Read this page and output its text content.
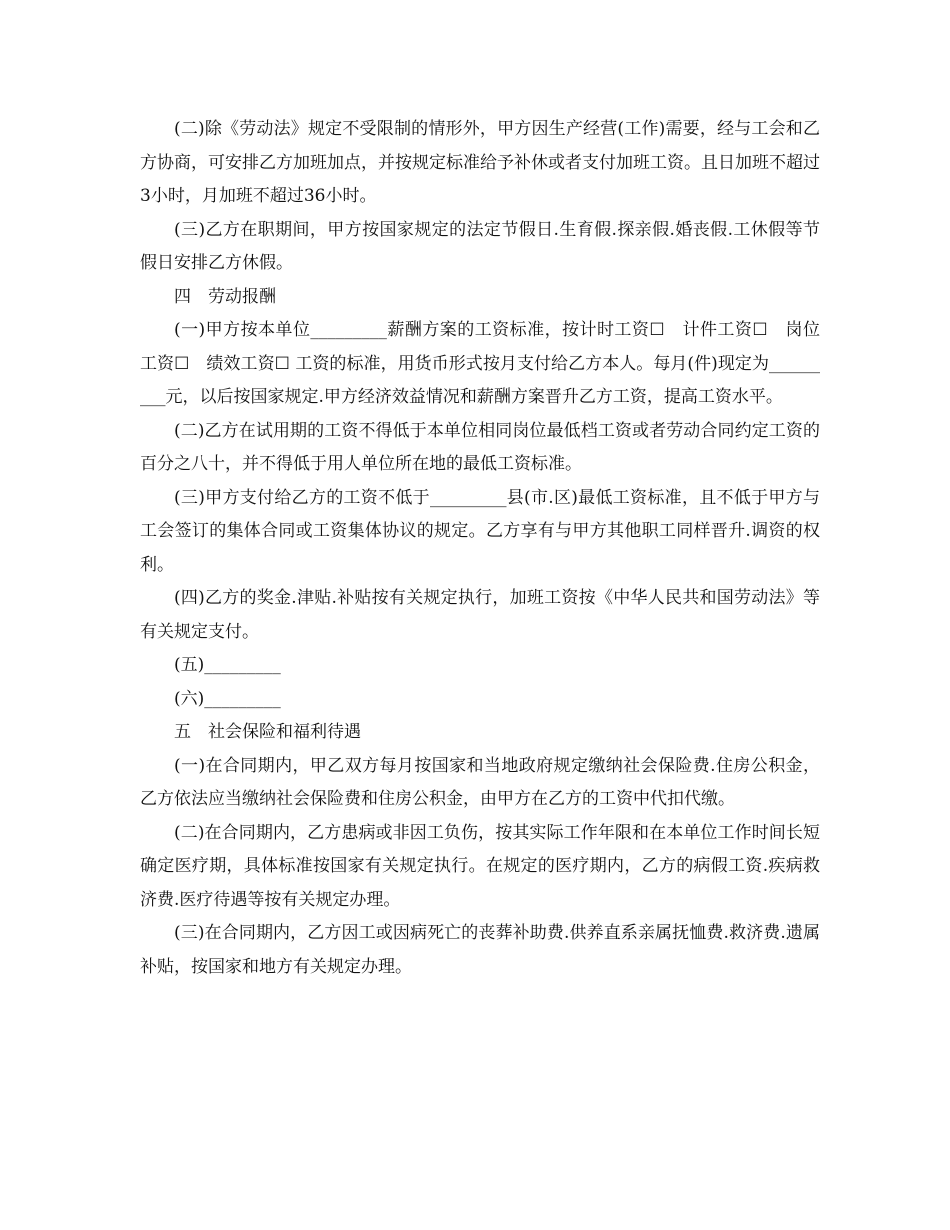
(二)除《劳动法》规定不受限制的情形外，甲方因生产经营(工作)需要，经与工会和乙方协商，可安排乙方加班加点，并按规定标准给予补休或者支付加班工资。且日加班不超过3小时，月加班不超过36小时。

(三)乙方在职期间，甲方按国家规定的法定节假日.生育假.探亲假.婚丧假.工休假等节假日安排乙方休假。

四　劳动报酬

(一)甲方按本单位_________薪酬方案的工资标准，按计时工资☐　计件工资☐　岗位工资☐　绩效工资☐ 工资的标准，用货币形式按月支付给乙方本人。每月(件)现定为_________元，以后按国家规定.甲方经济效益情况和薪酬方案晋升乙方工资，提高工资水平。

(二)乙方在试用期的工资不得低于本单位相同岗位最低档工资或者劳动合同约定工资的百分之八十，并不得低于用人单位所在地的最低工资标准。

(三)甲方支付给乙方的工资不低于_________县(市.区)最低工资标准，且不低于甲方与工会签订的集体合同或工资集体协议的规定。乙方享有与甲方其他职工同样晋升.调资的权利。

(四)乙方的奖金.津贴.补贴按有关规定执行，加班工资按《中华人民共和国劳动法》等有关规定支付。

(五)_________

(六)_________

五　社会保险和福利待遇

(一)在合同期内，甲乙双方每月按国家和当地政府规定缴纳社会保险费.住房公积金，乙方依法应当缴纳社会保险费和住房公积金，由甲方在乙方的工资中代扣代缴。

(二)在合同期内，乙方患病或非因工负伤，按其实际工作年限和在本单位工作时间长短确定医疗期，具体标准按国家有关规定执行。在规定的医疗期内，乙方的病假工资.疾病救济费.医疗待遇等按有关规定办理。

(三)在合同期内，乙方因工或因病死亡的丧葬补助费.供养直系亲属抚恤费.救济费.遗属补贴，按国家和地方有关规定办理。
